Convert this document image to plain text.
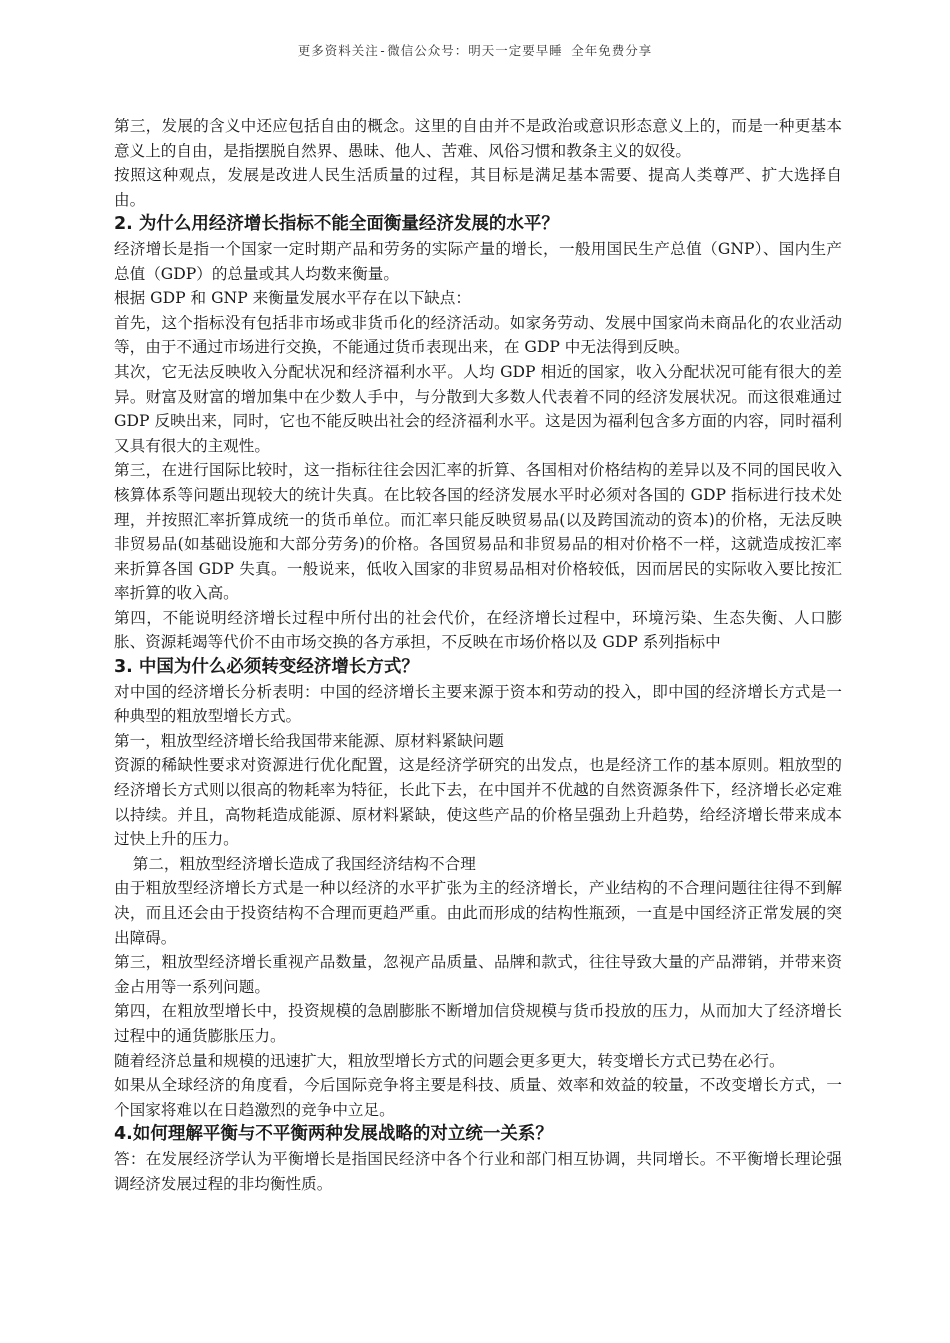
更多资料关注-微信公众号：明天一定要早睡 全年免费分享

第三，发展的含义中还应包括自由的概念。这里的自由并不是政治或意识形态意义上的，而是一种更基本意义上的自由，是指摆脱自然界、愚昧、他人、苦难、风俗习惯和教条主义的奴役。

按照这种观点，发展是改进人民生活质量的过程，其目标是满足基本需要、提高人类尊严、扩大选择自由。

2. 为什么用经济增长指标不能全面衡量经济发展的水平？

经济增长是指一个国家一定时期产品和劳务的实际产量的增长，一般用国民生产总值（GNP）、国内生产总值（GDP）的总量或其人均数来衡量。

根据 GDP 和 GNP 来衡量发展水平存在以下缺点：

首先，这个指标没有包括非市场或非货币化的经济活动。如家务劳动、发展中国家尚未商品化的农业活动等，由于不通过市场进行交换，不能通过货币表现出来，在 GDP 中无法得到反映。

其次，它无法反映收入分配状况和经济福利水平。人均 GDP 相近的国家，收入分配状况可能有很大的差异。财富及财富的增加集中在少数人手中，与分散到大多数人代表着不同的经济发展状况。而这很难通过 GDP 反映出来，同时，它也不能反映出社会的经济福利水平。这是因为福利包含多方面的内容，同时福利又具有很大的主观性。

第三，在进行国际比较时，这一指标往往会因汇率的折算、各国相对价格结构的差异以及不同的国民收入核算体系等问题出现较大的统计失真。在比较各国的经济发展水平时必须对各国的 GDP 指标进行技术处理，并按照汇率折算成统一的货币单位。而汇率只能反映贸易品(以及跨国流动的资本)的价格，无法反映非贸易品(如基础设施和大部分劳务)的价格。各国贸易品和非贸易品的相对价格不一样，这就造成按汇率来折算各国 GDP 失真。一般说来，低收入国家的非贸易品相对价格较低，因而居民的实际收入要比按汇率折算的收入高。

第四，不能说明经济增长过程中所付出的社会代价，在经济增长过程中，环境污染、生态失衡、人口膨胀、资源耗竭等代价不由市场交换的各方承担，不反映在市场价格以及 GDP 系列指标中

3. 中国为什么必须转变经济增长方式？

对中国的经济增长分析表明：中国的经济增长主要来源于资本和劳动的投入，即中国的经济增长方式是一种典型的粗放型增长方式。

第一，粗放型经济增长给我国带来能源、原材料紧缺问题

资源的稀缺性要求对资源进行优化配置，这是经济学研究的出发点，也是经济工作的基本原则。粗放型的经济增长方式则以很高的物耗率为特征，长此下去，在中国并不优越的自然资源条件下，经济增长必定难以持续。并且，高物耗造成能源、原材料紧缺，使这些产品的价格呈强劲上升趋势，给经济增长带来成本过快上升的压力。

第二，粗放型经济增长造成了我国经济结构不合理

由于粗放型经济增长方式是一种以经济的水平扩张为主的经济增长，产业结构的不合理问题往往得不到解决，而且还会由于投资结构不合理而更趋严重。由此而形成的结构性瓶颈，一直是中国经济正常发展的突出障碍。

第三，粗放型经济增长重视产品数量，忽视产品质量、品牌和款式，往往导致大量的产品滞销，并带来资金占用等一系列问题。

第四，在粗放型增长中，投资规模的急剧膨胀不断增加信贷规模与货币投放的压力，从而加大了经济增长过程中的通货膨胀压力。

随着经济总量和规模的迅速扩大，粗放型增长方式的问题会更多更大，转变增长方式已势在必行。

如果从全球经济的角度看，今后国际竞争将主要是科技、质量、效率和效益的较量，不改变增长方式，一个国家将难以在日趋激烈的竞争中立足。

4.如何理解平衡与不平衡两种发展战略的对立统一关系？

答：在发展经济学认为平衡增长是指国民经济中各个行业和部门相互协调，共同增长。不平衡增长理论强调经济发展过程的非均衡性质。
